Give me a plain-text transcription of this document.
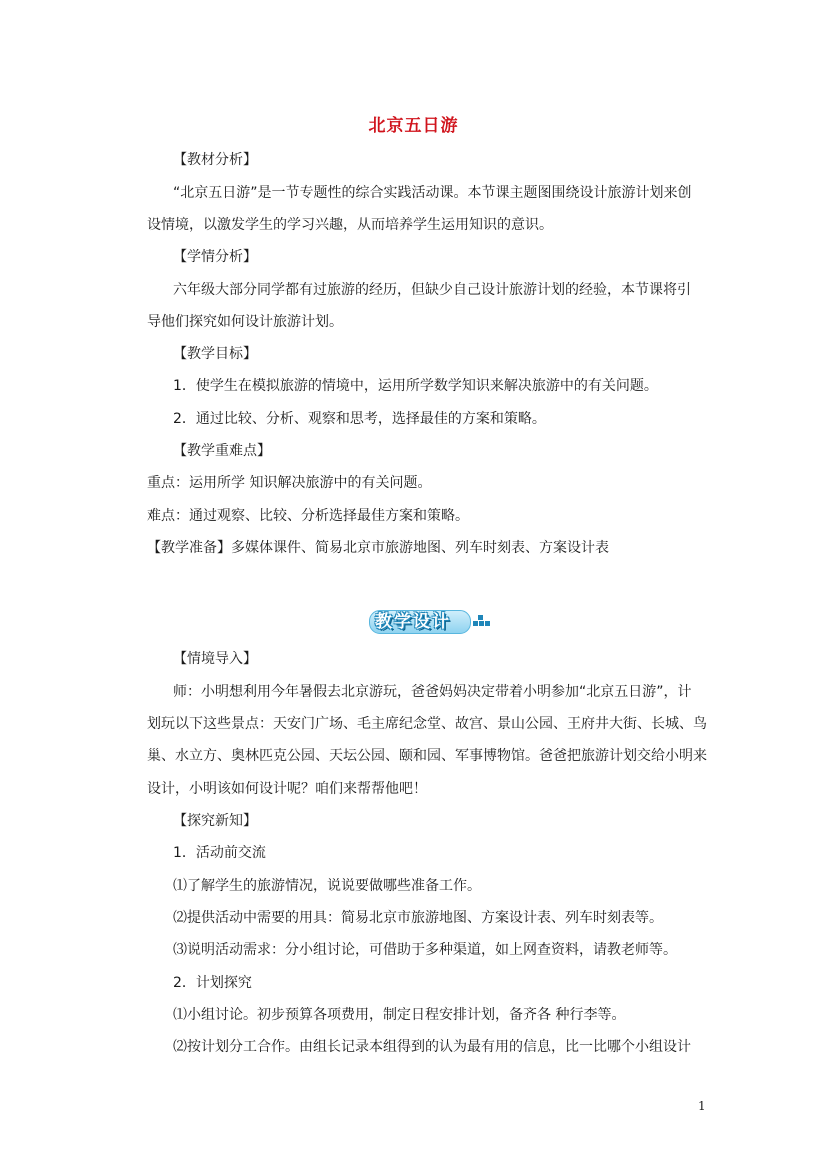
北京五日游
【教材分析】
“北京五日游”是一节专题性的综合实践活动课。本节课主题图围绕设计旅游计划来创
设情境，以激发学生的学习兴趣，从而培养学生运用知识的意识。
【学情分析】
六年级大部分同学都有过旅游的经历，但缺少自己设计旅游计划的经验，本节课将引
导他们探究如何设计旅游计划。
【教学目标】
1．使学生在模拟旅游的情境中，运用所学数学知识来解决旅游中的有关问题。
2．通过比较、分析、观察和思考，选择最佳的方案和策略。
【教学重难点】
重点：运用所学 知识解决旅游中的有关问题。
难点：通过观察、比较、分析选择最佳方案和策略。
【教学准备】多媒体课件、简易北京市旅游地图、列车时刻表、方案设计表
教学设计
【情境导入】
师：小明想利用今年暑假去北京游玩，爸爸妈妈决定带着小明参加“北京五日游”，计
划玩以下这些景点：天安门广场、毛主席纪念堂、故宫、景山公园、王府井大街、长城、鸟
巢、水立方、奥林匹克公园、天坛公园、颐和园、军事博物馆。爸爸把旅游计划交给小明来
设计，小明该如何设计呢？咱们来帮帮他吧！
【探究新知】
1．活动前交流
⑴了解学生的旅游情况，说说要做哪些准备工作。
⑵提供活动中需要的用具：简易北京市旅游地图、方案设计表、列车时刻表等。
⑶说明活动需求：分小组讨论，可借助于多种渠道，如上网查资料，请教老师等。
2．计划探究
⑴小组讨论。初步预算各项费用，制定日程安排计划，备齐各 种行李等。
⑵按计划分工合作。由组长记录本组得到的认为最有用的信息，比一比哪个小组设计
1
